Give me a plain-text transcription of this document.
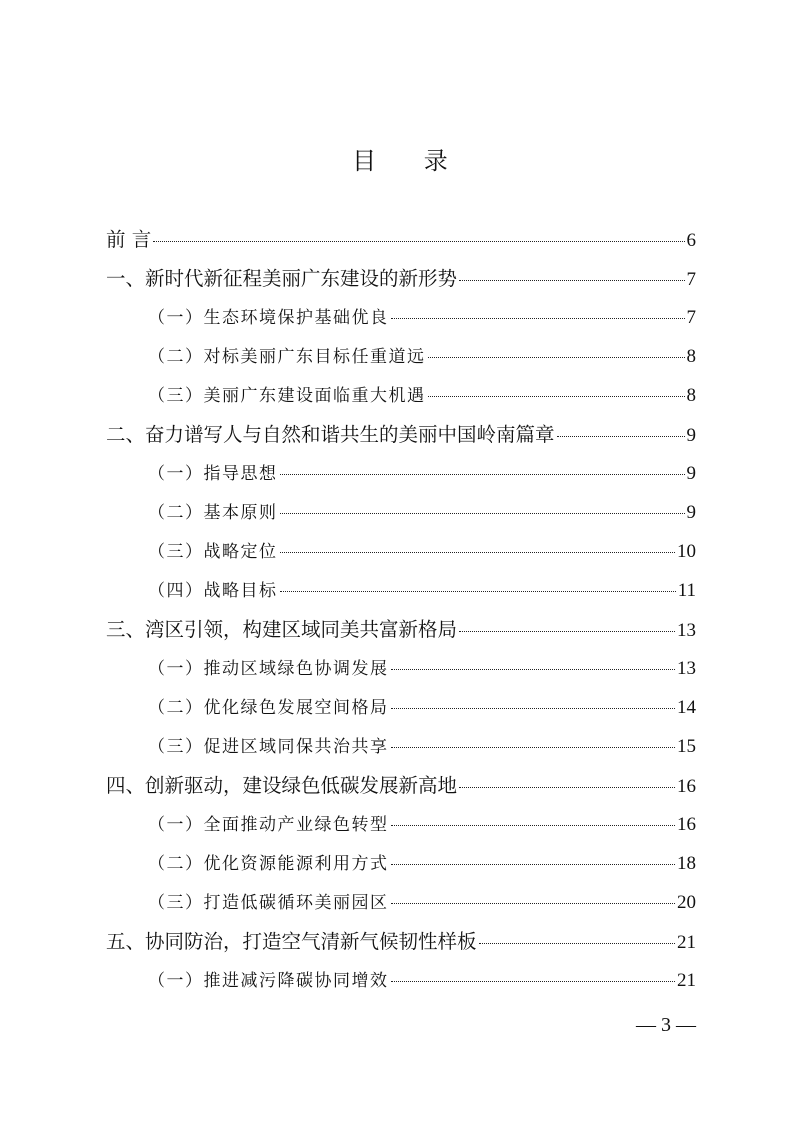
目 录
前 言	6
一、新时代新征程美丽广东建设的新形势	7
（一）生态环境保护基础优良	7
（二）对标美丽广东目标任重道远	8
（三）美丽广东建设面临重大机遇	8
二、奋力谱写人与自然和谐共生的美丽中国岭南篇章	9
（一）指导思想	9
（二）基本原则	9
（三）战略定位	10
（四）战略目标	11
三、湾区引领，构建区域同美共富新格局	13
（一）推动区域绿色协调发展	13
（二）优化绿色发展空间格局	14
（三）促进区域同保共治共享	15
四、创新驱动，建设绿色低碳发展新高地	16
（一）全面推动产业绿色转型	16
（二）优化资源能源利用方式	18
（三）打造低碳循环美丽园区	20
五、协同防治，打造空气清新气候韧性样板	21
（一）推进减污降碳协同增效	21
— 3 —
